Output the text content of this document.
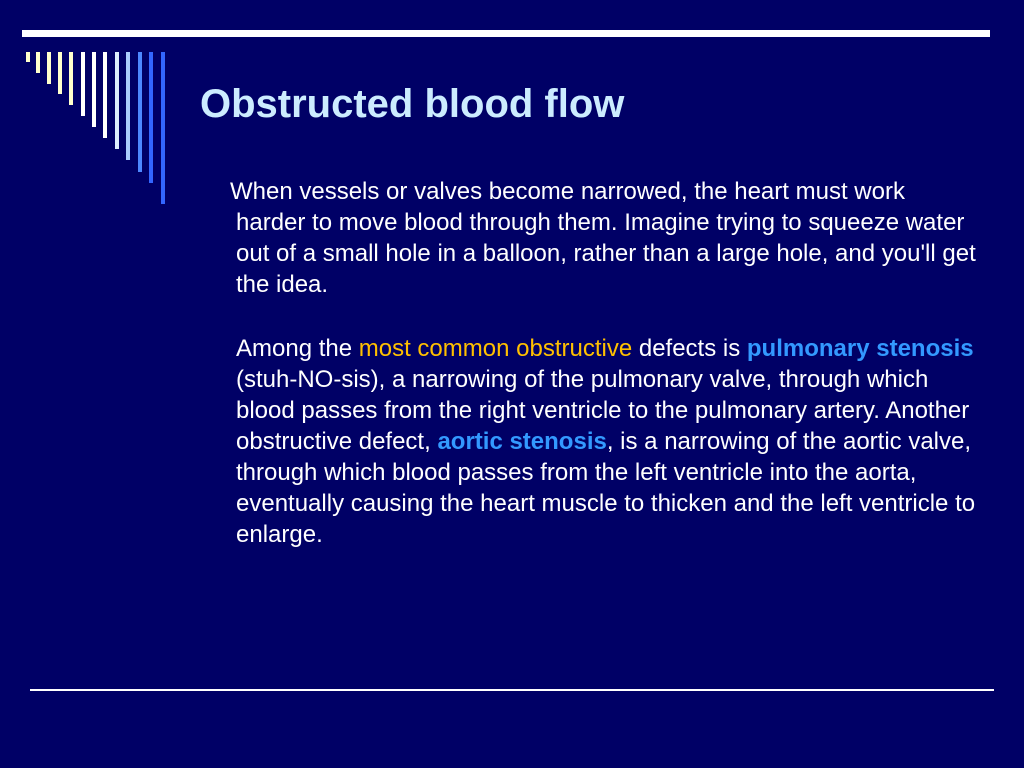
Obstructed blood flow

When vessels or valves become narrowed, the heart must work harder to move blood through them. Imagine trying to squeeze water out of a small hole in a balloon, rather than a large hole, and you'll get the idea.

Among the most common obstructive defects is pulmonary stenosis (stuh-NO-sis), a narrowing of the pulmonary valve, through which blood passes from the right ventricle to the pulmonary artery. Another obstructive defect, aortic stenosis, is a narrowing of the aortic valve, through which blood passes from the left ventricle into the aorta, eventually causing the heart muscle to thicken and the left ventricle to enlarge.
